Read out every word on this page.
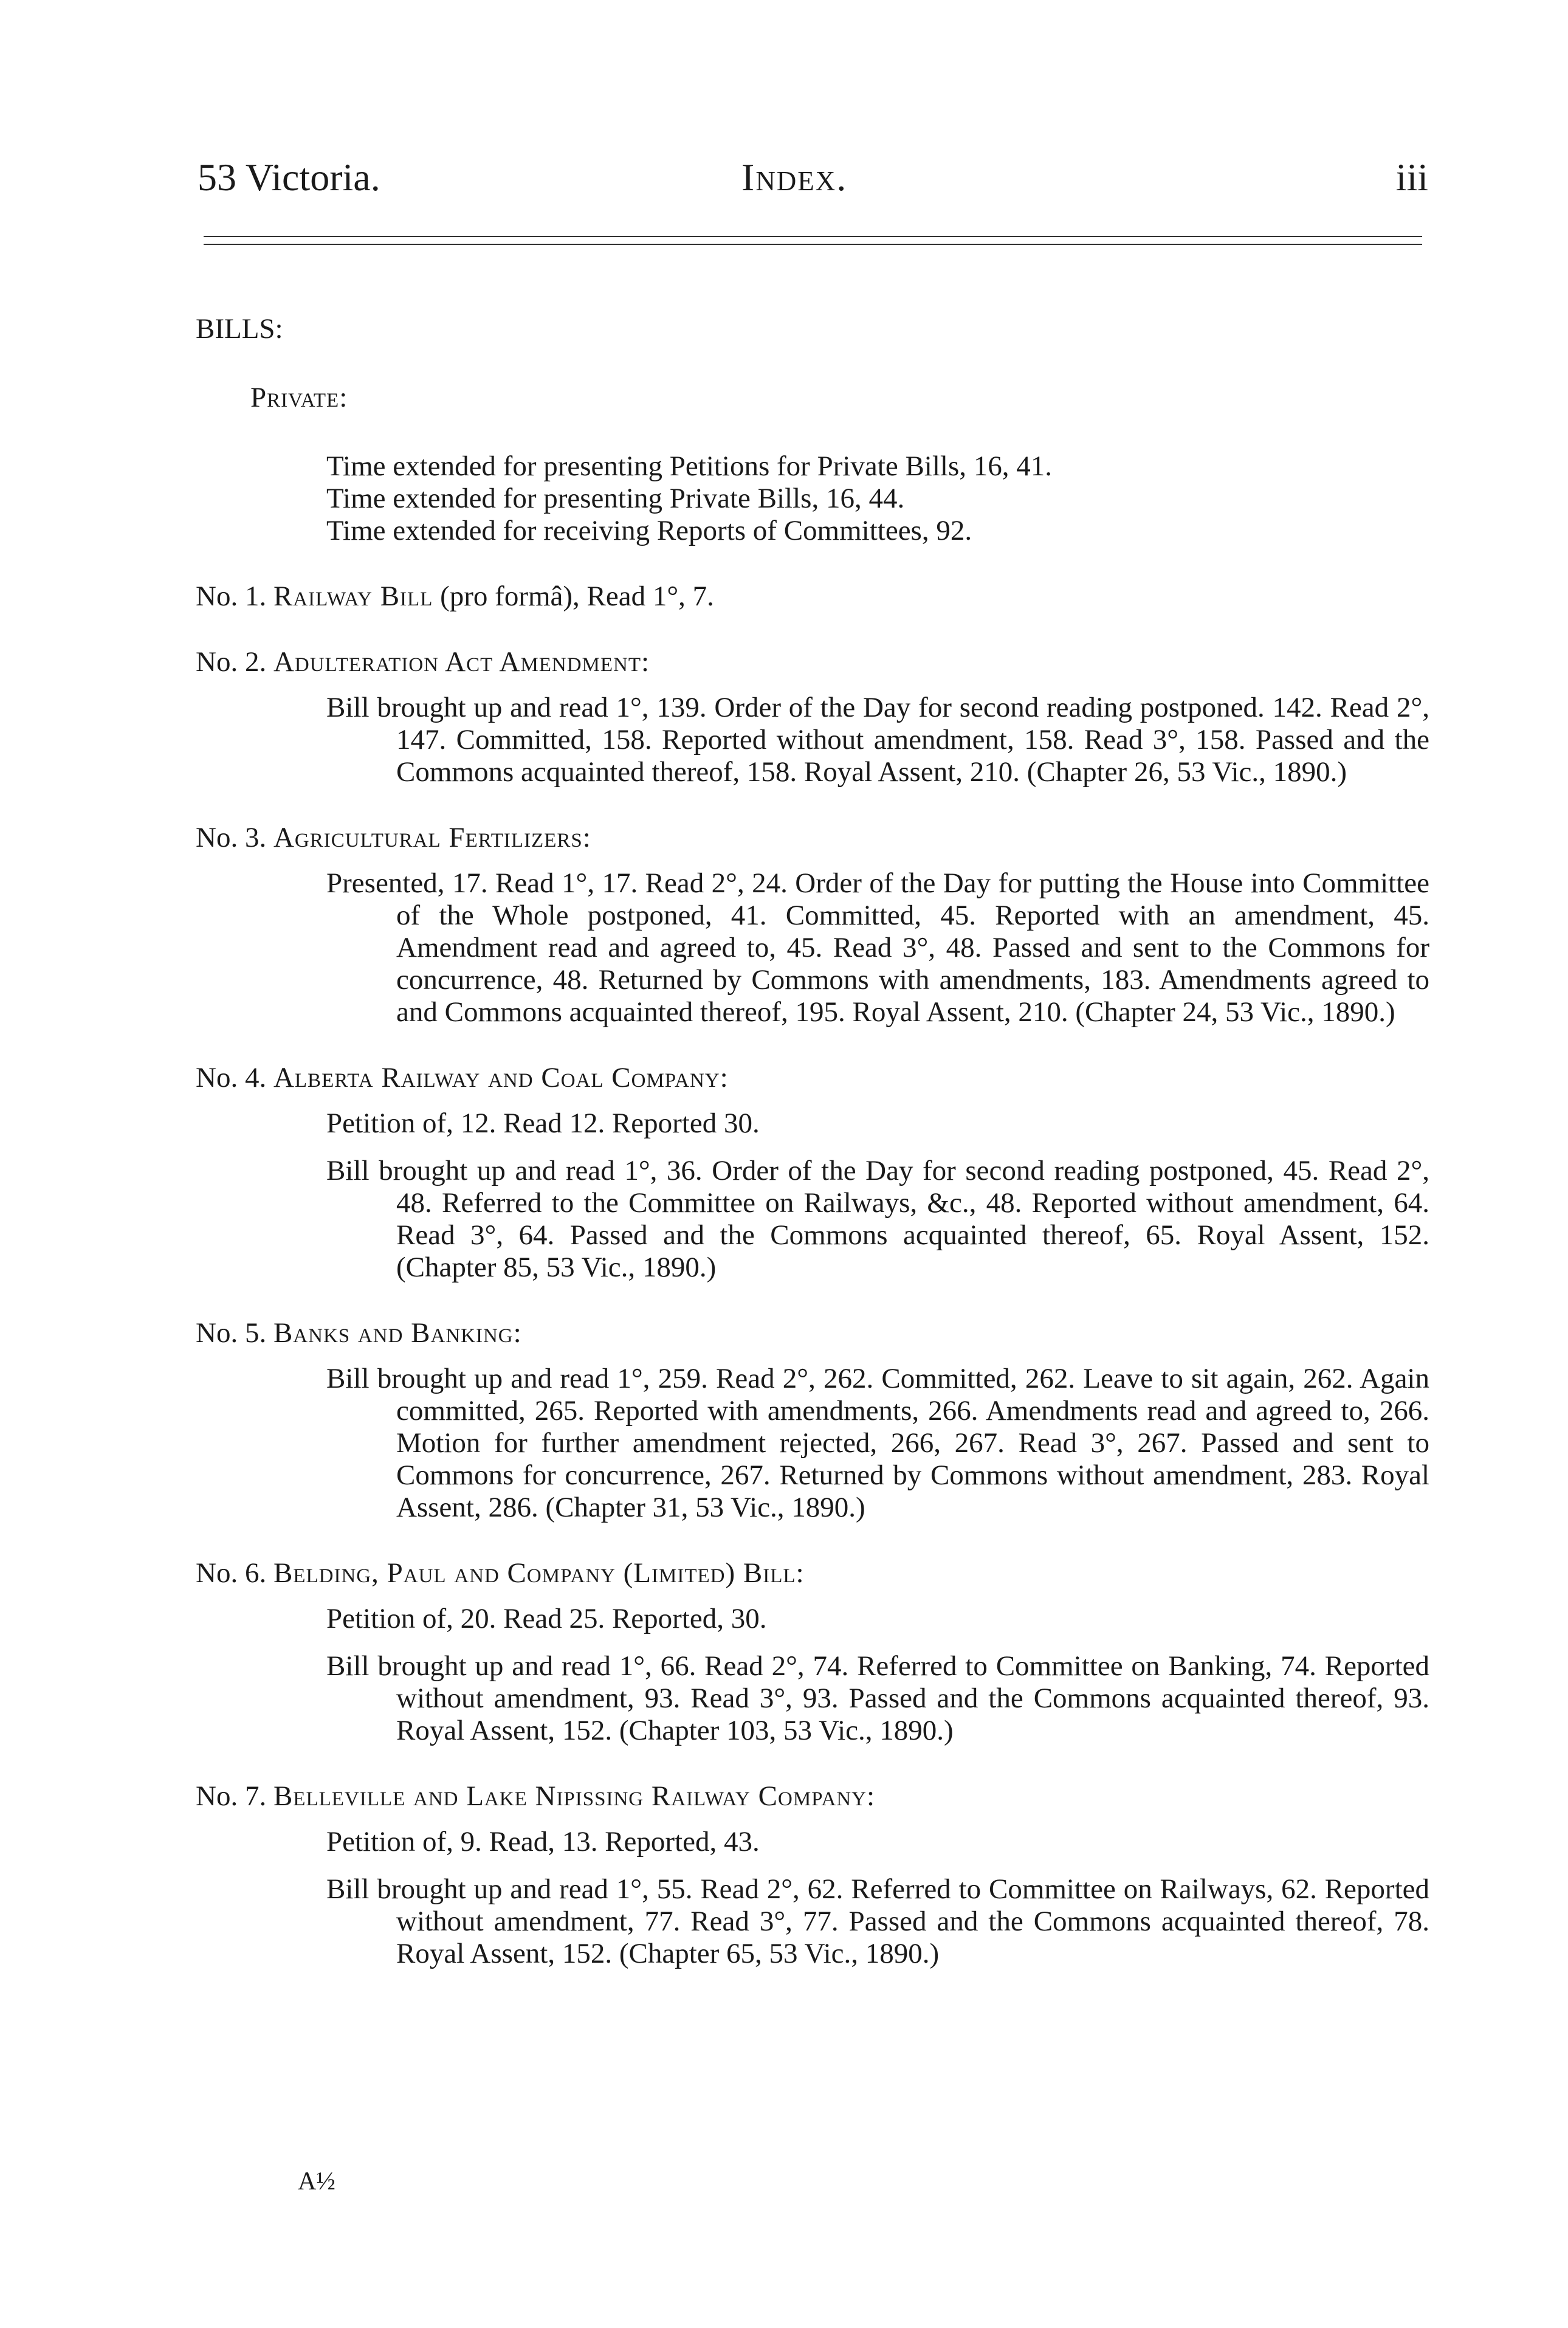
53 Victoria.	Index.	iii
BILLS:
Private:
Time extended for presenting Petitions for Private Bills, 16, 41.
Time extended for presenting Private Bills, 16, 44.
Time extended for receiving Reports of Committees, 92.
No. 1. Railway Bill (pro formâ), Read 1°, 7.
No. 2. Adulteration Act Amendment:
Bill brought up and read 1°, 139. Order of the Day for second reading postponed. 142. Read 2°, 147. Committed, 158. Reported without amendment, 158. Read 3°, 158. Passed and the Commons acquainted thereof, 158. Royal Assent, 210. (Chapter 26, 53 Vic., 1890.)
No. 3. Agricultural Fertilizers:
Presented, 17. Read 1°, 17. Read 2°, 24. Order of the Day for putting the House into Committee of the Whole postponed, 41. Committed, 45. Reported with an amendment, 45. Amendment read and agreed to, 45. Read 3°, 48. Passed and sent to the Commons for concurrence, 48. Returned by Commons with amendments, 183. Amendments agreed to and Commons acquainted thereof, 195. Royal Assent, 210. (Chapter 24, 53 Vic., 1890.)
No. 4. Alberta Railway and Coal Company:
Petition of, 12. Read 12. Reported 30.
Bill brought up and read 1°, 36. Order of the Day for second reading postponed, 45. Read 2°, 48. Referred to the Committee on Railways, &c., 48. Reported without amendment, 64. Read 3°, 64. Passed and the Commons acquainted thereof, 65. Royal Assent, 152. (Chapter 85, 53 Vic., 1890.)
No. 5. Banks and Banking:
Bill brought up and read 1°, 259. Read 2°, 262. Committed, 262. Leave to sit again, 262. Again committed, 265. Reported with amendments, 266. Amendments read and agreed to, 266. Motion for further amendment rejected, 266, 267. Read 3°, 267. Passed and sent to Commons for concurrence, 267. Returned by Commons without amendment, 283. Royal Assent, 286. (Chapter 31, 53 Vic., 1890.)
No. 6. Belding, Paul and Company (Limited) Bill:
Petition of, 20. Read 25. Reported, 30.
Bill brought up and read 1°, 66. Read 2°, 74. Referred to Committee on Banking, 74. Reported without amendment, 93. Read 3°, 93. Passed and the Commons acquainted thereof, 93. Royal Assent, 152. (Chapter 103, 53 Vic., 1890.)
No. 7. Belleville and Lake Nipissing Railway Company:
Petition of, 9. Read, 13. Reported, 43.
Bill brought up and read 1°, 55. Read 2°, 62. Referred to Committee on Railways, 62. Reported without amendment, 77. Read 3°, 77. Passed and the Commons acquainted thereof, 78. Royal Assent, 152. (Chapter 65, 53 Vic., 1890.)
A½
